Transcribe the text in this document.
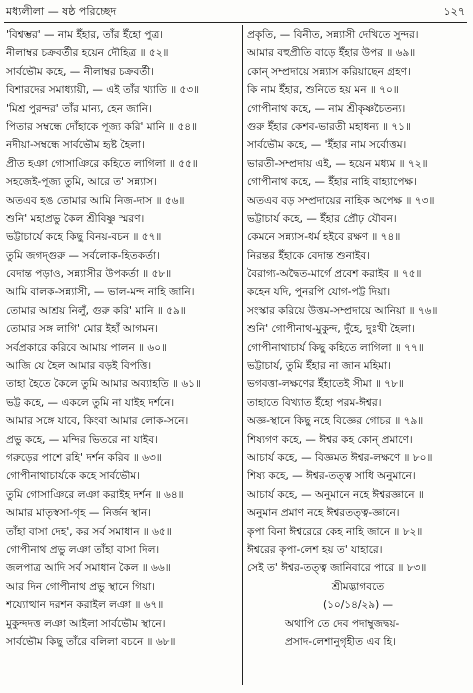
মধ্যলীলা — ষষ্ঠ পরিচ্ছেদ	১২৭
'বিশ্বম্ভর' — নাম ইঁহার, তাঁর ইঁহো পুত্র।
নীলাম্বর চক্রবর্তীর হয়েন দৌহিত্র ॥ ৫২॥
সার্বভৌম কহে, — নীলাম্বর চক্রবর্তী।
বিশারদের সমাধ্যায়ী, — এই তাঁর খ্যাতি ॥ ৫৩॥
'মিশ্র পুরন্দর' তাঁর মান্য, হেন জানি।
পিতার সম্বন্ধে দোঁহাকে পূজ্য করি' মানি ॥ ৫৪॥
নদীয়া-সম্বন্ধে সার্বভৌম হৃষ্ট হৈলা।
প্রীত হঞা গোসাঞিরে কহিতে লাগিলা ॥ ৫৫॥
সহজেই-পূজ্য তুমি, আরে ত' সন্ন্যাস।
অতএব হঙ তোমার আমি নিজ-দাস ॥ ৫৬॥
শুনি' মহাপ্রভু কৈল শ্রীবিষ্ণু স্মরণ।
ভট্টাচার্যে কহে কিছু বিনয়-বচন ॥ ৫৭॥
তুমি জগদ্গুরু — সর্বলোক-হিতকর্তা।
বেদান্ত পড়াও, সন্ন্যাসীর উপকর্তা ॥ ৫৮॥
আমি বালক-সন্ন্যাসী, — ভাল-মন্দ নাহি জানি।
তোমার আশ্রয় নিলুঁ, গুরু করি' মানি ॥ ৫৯॥
তোমার সঙ্গ লাগি' মোর ইহাঁ আগমন।
সর্বপ্রকারে করিবে আমায় পালন ॥ ৬০॥
আজি যে হৈল আমার বড়ই বিপত্তি।
তাহা হৈতে কৈলে তুমি আমার অব্যাহতি ॥ ৬১॥
ভট্ট কহে, — একলে তুমি না যাইহ দর্শনে।
আমার সঙ্গে যাবে, কিংবা আমার লোক-সনে।
প্রভু কহে, — মন্দির ভিতরে না যাইব।
গরুড়ের পাশে রহি' দর্শন করিব ॥ ৬৩॥
গোপীনাথাচার্যকে কহে সার্বভৌম।
তুমি গোসাঞিরে লঞা করাইহ দর্শন ॥ ৬৪॥
আমার মাতৃস্বসা-গৃহ — নির্জন স্থান।
তাঁহা বাসা দেহ', কর সর্ব সমাধান ॥ ৬৫॥
গোপীনাথ প্রভু লঞা তাঁহা বাসা দিল।
জলপাত্র আদি সর্ব সমাধান কৈল ॥ ৬৬॥
আর দিন গোপীনাথ প্রভু স্থানে গিয়া।
শয্যোত্থান দরশন করাইল লঞা ॥ ৬৭॥
মুকুন্দদত্ত লঞা আইলা সার্বভৌম স্থানে।
সার্বভৌম কিছু তাঁরে বলিলা বচনে ॥ ৬৮॥
প্রকৃতি, — বিনীত, সন্ন্যাসী দেখিতে সুন্দর।
আমার বহুপ্রীতি বাড়ে ইঁহার উপর ॥ ৬৯॥
কোন্ সম্প্রদায়ে সন্ন্যাস করিয়াছেন গ্রহণ।
কি নাম ইঁহার, শুনিতে হয় মন ॥ ৭০॥
গোপীনাথ কহে, — নাম শ্রীকৃষ্ণচৈতন্য।
গুরু ইঁহার কেশব-ভারতী মহাধন্য ॥ ৭১॥
সার্বভৌম কহে, — 'ইঁহার নাম সর্বোত্তম।
ভারতী-সম্প্রদায় এই, — হয়েন মধ্যম ॥ ৭২॥
গোপীনাথ কহে, — ইঁহার নাহি বাহ্যাপেক্ষ।
অতএব বড় সম্প্রদায়ের নাহিক অপেক্ষ ॥ ৭৩॥
ভট্টাচার্য কহে, — ইঁহার প্রৌঢ় যৌবন।
কেমনে সন্ন্যাস-ধর্ম হইবে রক্ষণ ॥ ৭৪॥
নিরন্তর ইঁহাকে বেদান্ত শুনাইব।
বৈরাগ্য-অদ্বৈত-মার্গে প্রবেশ করাইব ॥ ৭৫॥
কহেন যদি, পুনরপি যোগ-পট্ট দিয়া।
সংস্কার করিয়ে উত্তম-সম্প্রদায়ে আনিয়া ॥ ৭৬॥
শুনি' গোপীনাথ-মুকুন্দ, দুঁহে, দুঃখী হৈলা।
গোপীনাথাচার্য কিছু কহিতে লাগিলা ॥ ৭৭॥
ভট্টাচার্য, তুমি ইঁহার না জান মহিমা।
ভগবত্তা-লক্ষণের ইঁহাতেই সীমা ॥ ৭৮॥
তাহাতে বিখ্যাত ইঁহো পরম-ঈশ্বর।
অজ্ঞ-স্থানে কিছু নহে বিজ্ঞের গোচর ॥ ৭৯॥
শিষ্যগণ কহে, — ঈশ্বর কহ কোন্ প্রমাণে।
আচার্য কহে, — বিজ্ঞমত ঈশ্বর-লক্ষণে ॥ ৮০॥
শিষ্য কহে, — ঈশ্বর-তত্ত্ব সাধি অনুমানে।
আচার্য কহে, — অনুমানে নহে ঈশ্বরজ্ঞানে ॥
অনুমান প্রমাণ নহে ঈশ্বরতত্ত্ব-জ্ঞানে।
কৃপা বিনা ঈশ্বরেরে কেহ নাহি জানে ॥ ৮২॥
ঈশ্বরের কৃপা-লেশ হয় ত' যাহারে।
সেই ত' ঈশ্বর-তত্ত্ব জানিবারে পারে ॥ ৮৩॥
শ্রীমদ্ভাগবতে
(১০/১৪/২৯) —
অথাপি তে দেব পদাম্বুজদ্বয়-
প্রসাদ-লেশানুগৃহীত এব হি।
